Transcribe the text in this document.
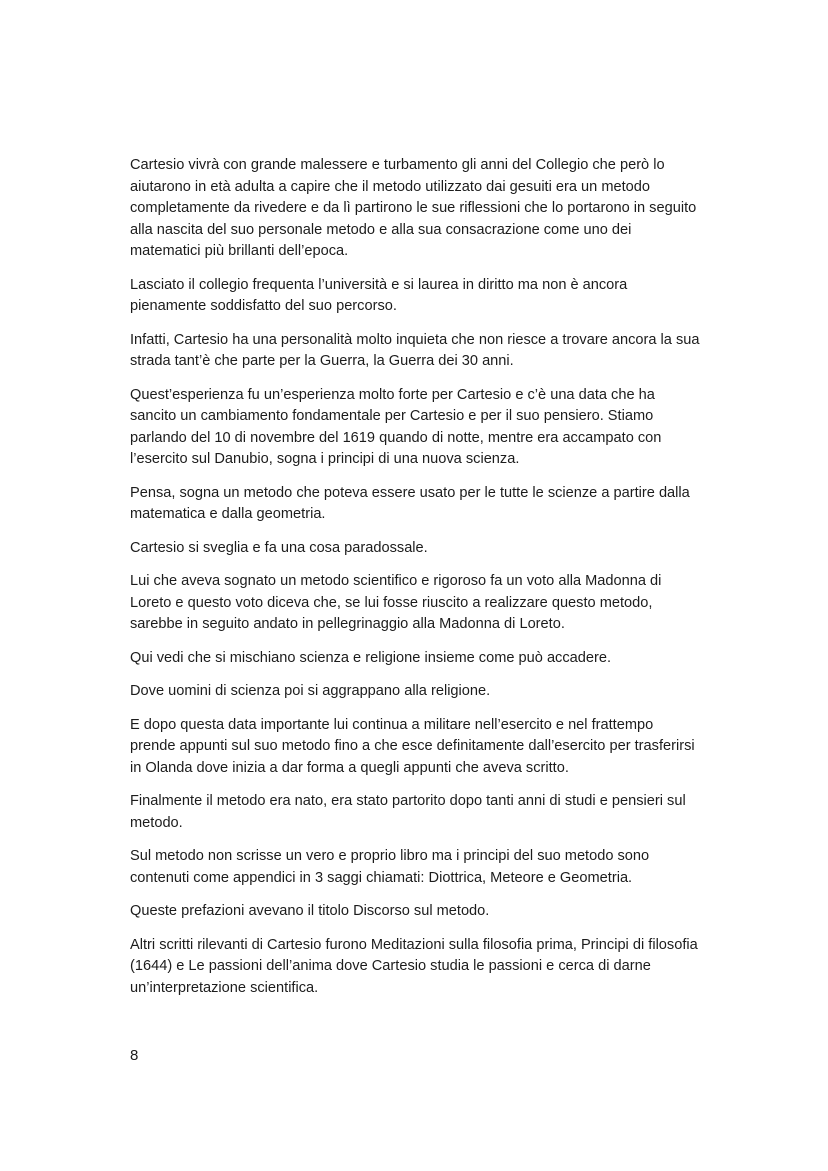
Cartesio vivrà con grande malessere e turbamento gli anni del Collegio che però lo aiutarono in età adulta a capire che il metodo utilizzato dai gesuiti era un metodo completamente da rivedere e da lì partirono le sue riflessioni che lo portarono in seguito alla nascita del suo personale metodo e alla sua consacrazione come uno dei matematici più brillanti dell’epoca.

Lasciato il collegio frequenta l’università e si laurea in diritto ma non è ancora pienamente soddisfatto del suo percorso.

Infatti, Cartesio ha una personalità molto inquieta che non riesce a trovare ancora la sua strada tant’è che parte per la Guerra, la Guerra dei 30 anni.

Quest’esperienza fu un’esperienza molto forte per Cartesio e c’è una data che ha sancito un cambiamento fondamentale per Cartesio e per il suo pensiero. Stiamo parlando del 10 di novembre del 1619 quando di notte, mentre era accampato con l’esercito sul Danubio, sogna i principi di una nuova scienza.

Pensa, sogna un metodo che poteva essere usato per le tutte le scienze a partire dalla matematica e dalla geometria.

Cartesio si sveglia e fa una cosa paradossale.

Lui che aveva sognato un metodo scientifico e rigoroso fa un voto alla Madonna di Loreto e questo voto diceva che, se lui fosse riuscito a realizzare questo metodo, sarebbe in seguito andato in pellegrinaggio alla Madonna di Loreto.

Qui vedi che si mischiano scienza e religione insieme come può accadere.

Dove uomini di scienza poi si aggrappano alla religione.

E dopo questa data importante lui continua a militare nell’esercito e nel frattempo prende appunti sul suo metodo fino a che esce definitamente dall’esercito per trasferirsi in Olanda dove inizia a dar forma a quegli appunti che aveva scritto.

Finalmente il metodo era nato, era stato partorito dopo tanti anni di studi e pensieri sul metodo.

Sul metodo non scrisse un vero e proprio libro ma i principi del suo metodo sono contenuti come appendici in 3 saggi chiamati: Diottrica, Meteore e Geometria.

Queste prefazioni avevano il titolo Discorso sul metodo.

Altri scritti rilevanti di Cartesio furono Meditazioni sulla filosofia prima, Principi di filosofia (1644) e Le passioni dell’anima dove Cartesio studia le passioni e cerca di darne un’interpretazione scientifica.

8
